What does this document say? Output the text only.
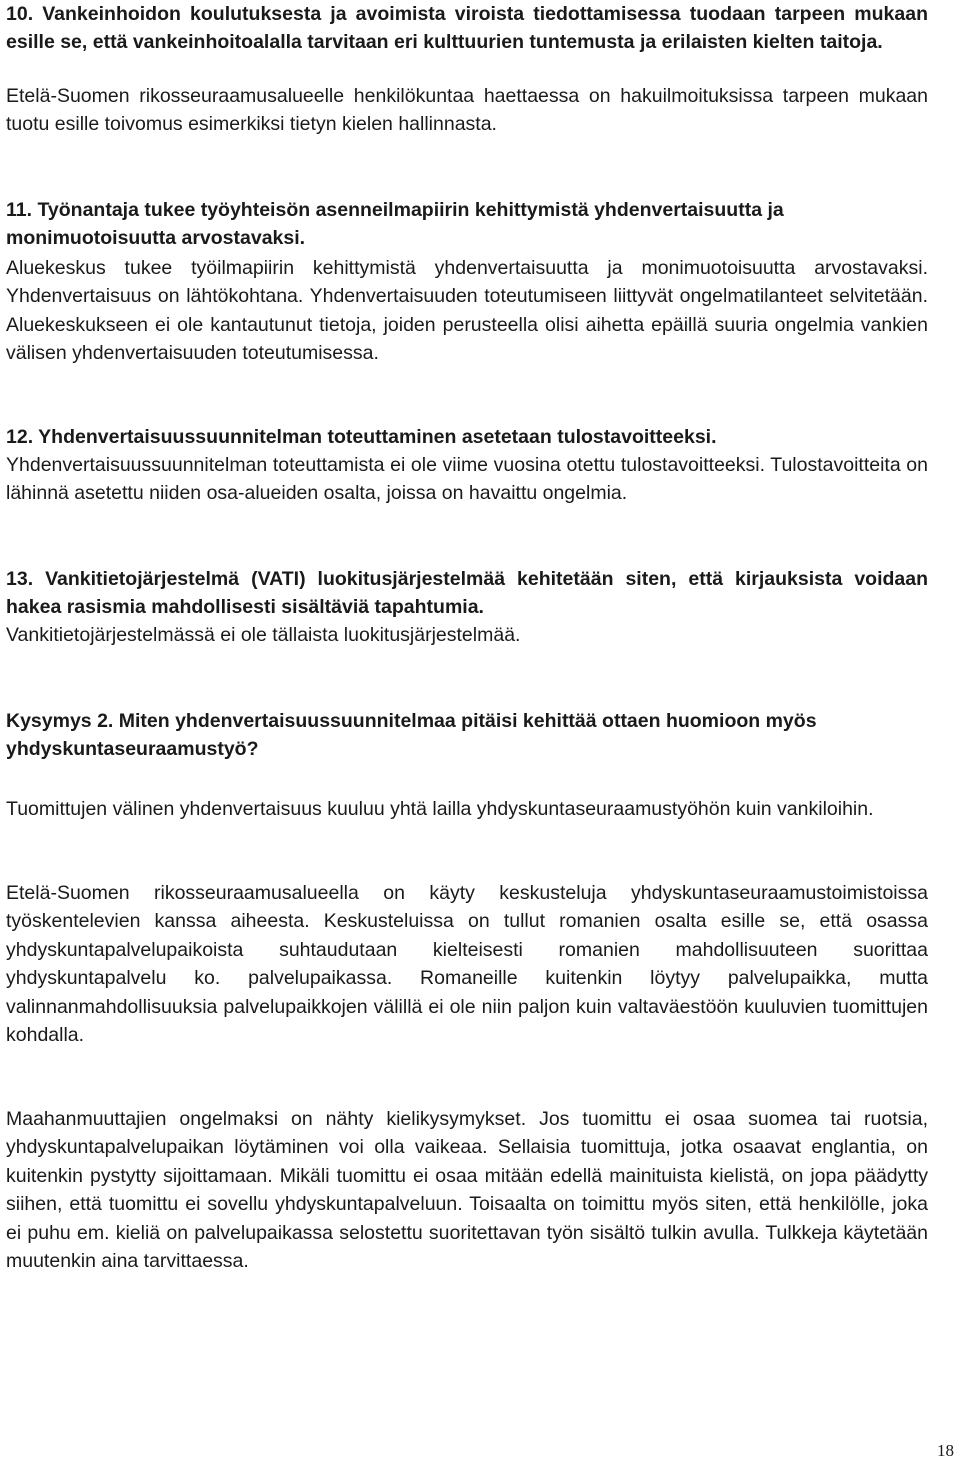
10. Vankeinhoidon koulutuksesta ja avoimista viroista tiedottamisessa tuodaan tarpeen mukaan esille se, että vankeinhoitoalalla tarvitaan eri kulttuurien tuntemusta ja erilaisten kielten taitoja.

Etelä-Suomen rikosseuraamusalueelle henkilökuntaa haettaessa on hakuilmoituksissa tarpeen mukaan tuotu esille toivomus esimerkiksi tietyn kielen hallinnasta.

11. Työnantaja tukee työyhteisön asenneilmapiirin kehittymistä yhdenvertaisuutta ja monimuotoisuutta arvostavaksi.

Aluekeskus tukee työilmapiirin kehittymistä yhdenvertaisuutta ja monimuotoisuutta arvostavaksi. Yhdenvertaisuus on lähtökohtana. Yhdenvertaisuuden toteutumiseen liittyvät ongelmatilanteet selvitetään. Aluekeskukseen ei ole kantautunut tietoja, joiden perusteella olisi aihetta epäillä suuria ongelmia vankien välisen yhdenvertaisuuden toteutumisessa.

12. Yhdenvertaisuussuunnitelman toteuttaminen asetetaan tulostavoitteeksi.

Yhdenvertaisuussuunnitelman toteuttamista ei ole viime vuosina otettu tulostavoitteeksi. Tulostavoitteita on lähinnä asetettu niiden osa-alueiden osalta, joissa on havaittu ongelmia.

13. Vankitietojärjestelmä (VATI) luokitusjärjestelmää kehitetään siten, että kirjauksista voidaan hakea rasismia mahdollisesti sisältäviä tapahtumia.

Vankitietojärjestelmässä ei ole tällaista luokitusjärjestelmää.

Kysymys 2. Miten yhdenvertaisuussuunnitelmaa pitäisi kehittää ottaen huomioon myös yhdyskuntaseuraamustyö?

Tuomittujen välinen yhdenvertaisuus kuuluu yhtä lailla yhdyskuntaseuraamustyöhön kuin vankiloihin.

Etelä-Suomen rikosseuraamusalueella on käyty keskusteluja yhdyskuntaseuraamustoimistoissa työskentelevien kanssa aiheesta. Keskusteluissa on tullut romanien osalta esille se, että osassa yhdyskuntapalvelupaikoista suhtaudutaan kielteisesti romanien mahdollisuuteen suorittaa yhdyskuntapalvelu ko. palvelupaikassa. Romaneille kuitenkin löytyy palvelupaikka, mutta valinnanmahdollisuuksia palvelupaikkojen välillä ei ole niin paljon kuin valtaväestöön kuuluvien tuomittujen kohdalla.

Maahanmuuttajien ongelmaksi on nähty kielikysymykset. Jos tuomittu ei osaa suomea tai ruotsia, yhdyskuntapalvelupaikan löytäminen voi olla vaikeaa. Sellaisia tuomittuja, jotka osaavat englantia, on kuitenkin pystytty sijoittamaan. Mikäli tuomittu ei osaa mitään edellä mainituista kielistä, on jopa päädytty siihen, että tuomittu ei sovellu yhdyskuntapalveluun. Toisaalta on toimittu myös siten, että henkilölle, joka ei puhu em. kieliä on palvelupaikassa selostettu suoritettavan työn sisältö tulkin avulla. Tulkkeja käytetään muutenkin aina tarvittaessa.

18
